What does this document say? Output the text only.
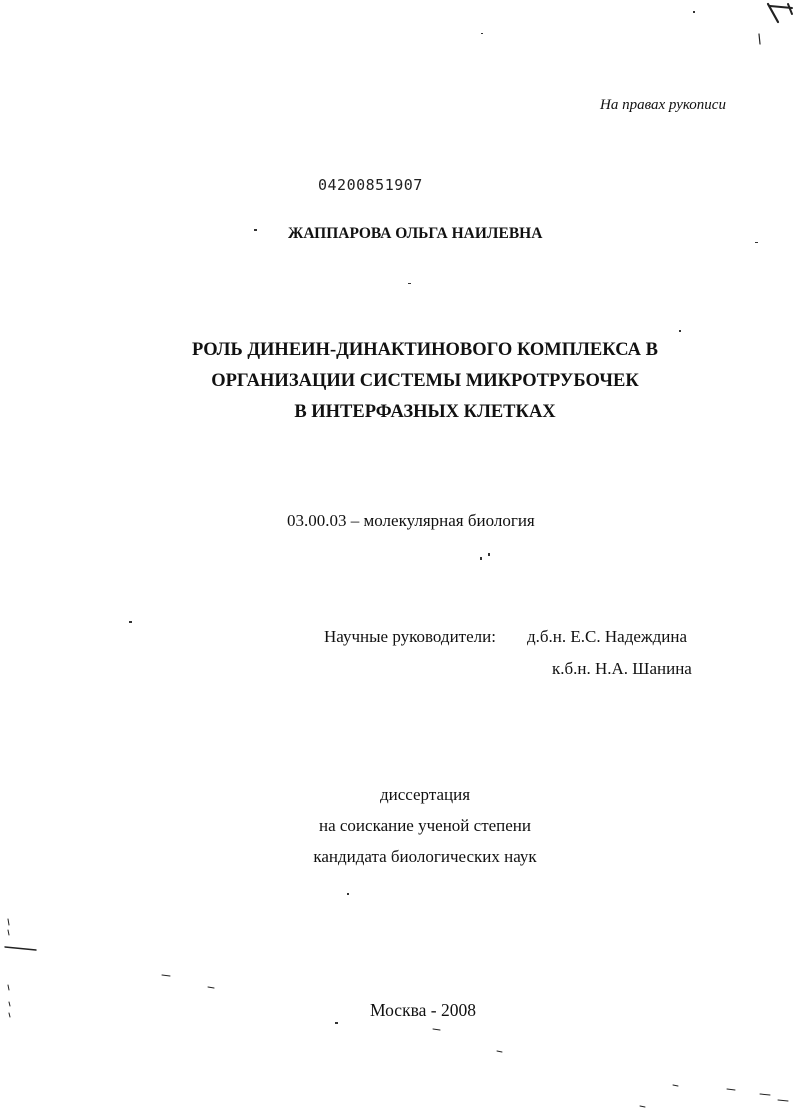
На правах рукописи
04200851907
ЖАППАРОВА ОЛЬГА НАИЛЕВНА
РОЛЬ ДИНЕИН-ДИНАКТИНОВОГО КОМПЛЕКСА В
ОРГАНИЗАЦИИ СИСТЕМЫ МИКРОТРУБОЧЕК
В ИНТЕРФАЗНЫХ КЛЕТКАХ
03.00.03 – молекулярная биология
Научные руководители: д.б.н. Е.С. Надеждина
к.б.н. Н.А. Шанина
диссертация
на соискание ученой степени
кандидата биологических наук
Москва - 2008
